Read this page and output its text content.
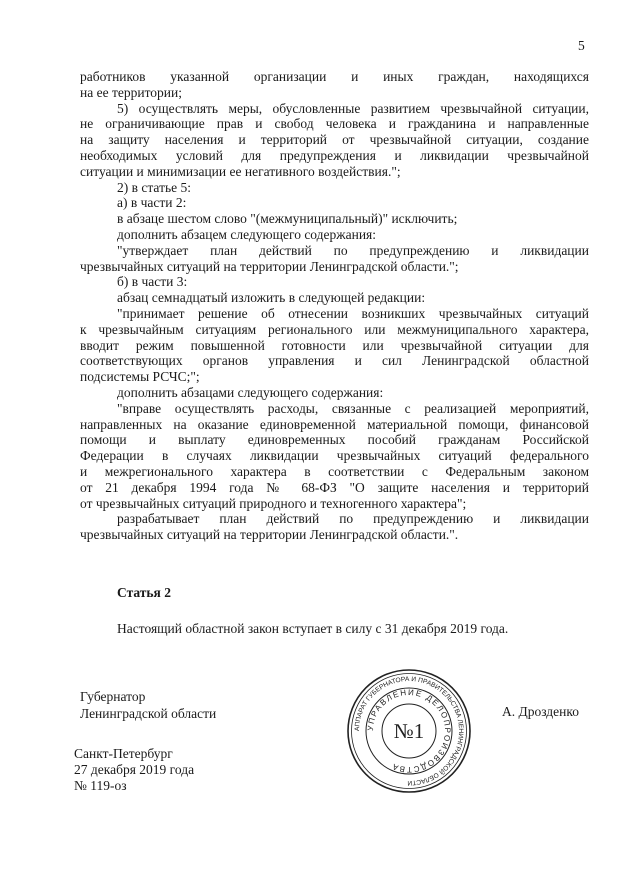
5

работников указанной организации и иных граждан, находящихся

на ее территории;

5) осуществлять меры, обусловленные развитием чрезвычайной ситуации,

не ограничивающие прав и свобод человека и гражданина и направленные

на защиту населения и территорий от чрезвычайной ситуации, создание

необходимых условий для предупреждения и ликвидации чрезвычайной

ситуации и минимизации ее негативного воздействия.";

2) в статье 5:

а) в части 2:

в абзаце шестом слово "(межмуниципальный)" исключить;

дополнить абзацем следующего содержания:

"утверждает план действий по предупреждению и ликвидации

чрезвычайных ситуаций на территории Ленинградской области.";

б) в части 3:

абзац семнадцатый изложить в следующей редакции:

"принимает решение об отнесении возникших чрезвычайных ситуаций

к чрезвычайным ситуациям регионального или межмуниципального характера,

вводит режим повышенной готовности или чрезвычайной ситуации для

соответствующих органов управления и сил Ленинградской областной

подсистемы РСЧС;";

дополнить абзацами следующего содержания:

"вправе осуществлять расходы, связанные с реализацией мероприятий,

направленных на оказание единовременной материальной помощи, финансовой

помощи и выплату единовременных пособий гражданам Российской

Федерации в случаях ликвидации чрезвычайных ситуаций федерального

и межрегионального характера в соответствии с Федеральным законом

от 21 декабря 1994 года № 68-ФЗ "О защите населения и территорий

от чрезвычайных ситуаций природного и техногенного характера";

разрабатывает план действий по предупреждению и ликвидации

чрезвычайных ситуаций на территории Ленинградской области.".

Статья 2
Настоящий областной закон вступает в силу с 31 декабря 2019 года.
Губернатор
Ленинградской области	А. Дрозденко
Санкт-Петербург
27 декабря 2019 года
№ 119-оз
АППАРАТ ГУБЕРНАТОРА И ПРАВИТЕЛЬСТВА ЛЕНИНГРАДСКОЙ ОБЛАСТИ
УПРАВЛЕНИЕ ДЕЛОПРОИЗВОДСТВА
№1
